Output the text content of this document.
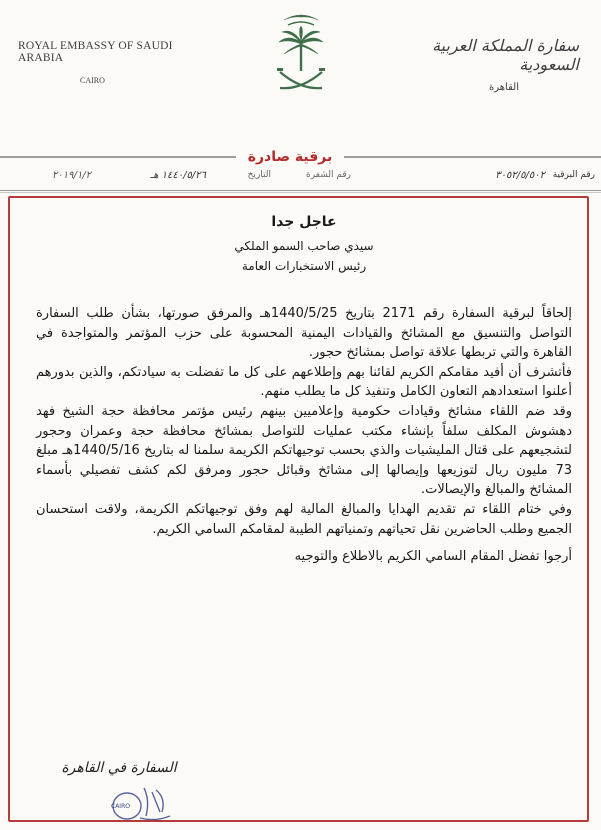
ROYAL EMBASSY OF SAUDI ARABIA
CAIRO
سفارة المملكة العربية السعودية
القاهرة
برقية صادرة
رقم البرقية
٣٠٥٢/٥/٥٠٢
رقم الشفرة
التاريخ
١٤٤٠/٥/٢٦ هـ
٢٠١٩/١/٢
عاجل جدا
سيدي صاحب السمو الملكي
رئيس الاستخبارات العامة

إلحاقاً لبرقية السفارة رقم 2171 بتاريخ 1440/5/25هـ والمرفق صورتها، بشأن طلب السفارة التواصل والتنسيق مع المشائخ والقيادات اليمنية المحسوبة على حزب المؤتمر والمتواجدة في القاهرة والتي تربطها علاقة تواصل بمشائخ حجور.

فأتشرف أن أفيد مقامكم الكريم لقائنا بهم وإطلاعهم على كل ما تفضلت به سيادتكم، والذين بدورهم أعلنوا استعدادهم التعاون الكامل وتنفيذ كل ما يطلب منهم.

وقد ضم اللقاء مشائخ وقيادات حكومية وإعلاميين بينهم رئيس مؤتمر محافظة حجة الشيخ فهد دهشوش المكلف سلفاً بإنشاء مكتب عمليات للتواصل بمشائخ محافظة حجة وعمران وحجور لتشجيعهم على قتال المليشيات والذي بحسب توجيهاتكم الكريمة سلمنا له بتاريخ 1440/5/16هـ مبلغ 73 مليون ريال لتوزيعها وإيصالها إلى مشائخ وقبائل حجور ومرفق لكم كشف تفصيلي بأسماء المشائخ والمبالغ والإيصالات.

وفي ختام اللقاء تم تقديم الهدايا والمبالغ المالية لهم وفق توجيهاتكم الكريمة، ولاقت استحسان الجميع وطلب الحاضرين نقل تحياتهم وتمنياتهم الطيبة لمقامكم السامي الكريم.

أرجوا تفضل المقام السامي الكريم بالاطلاع والتوجيه
السفارة في القاهرة
CAIRO
